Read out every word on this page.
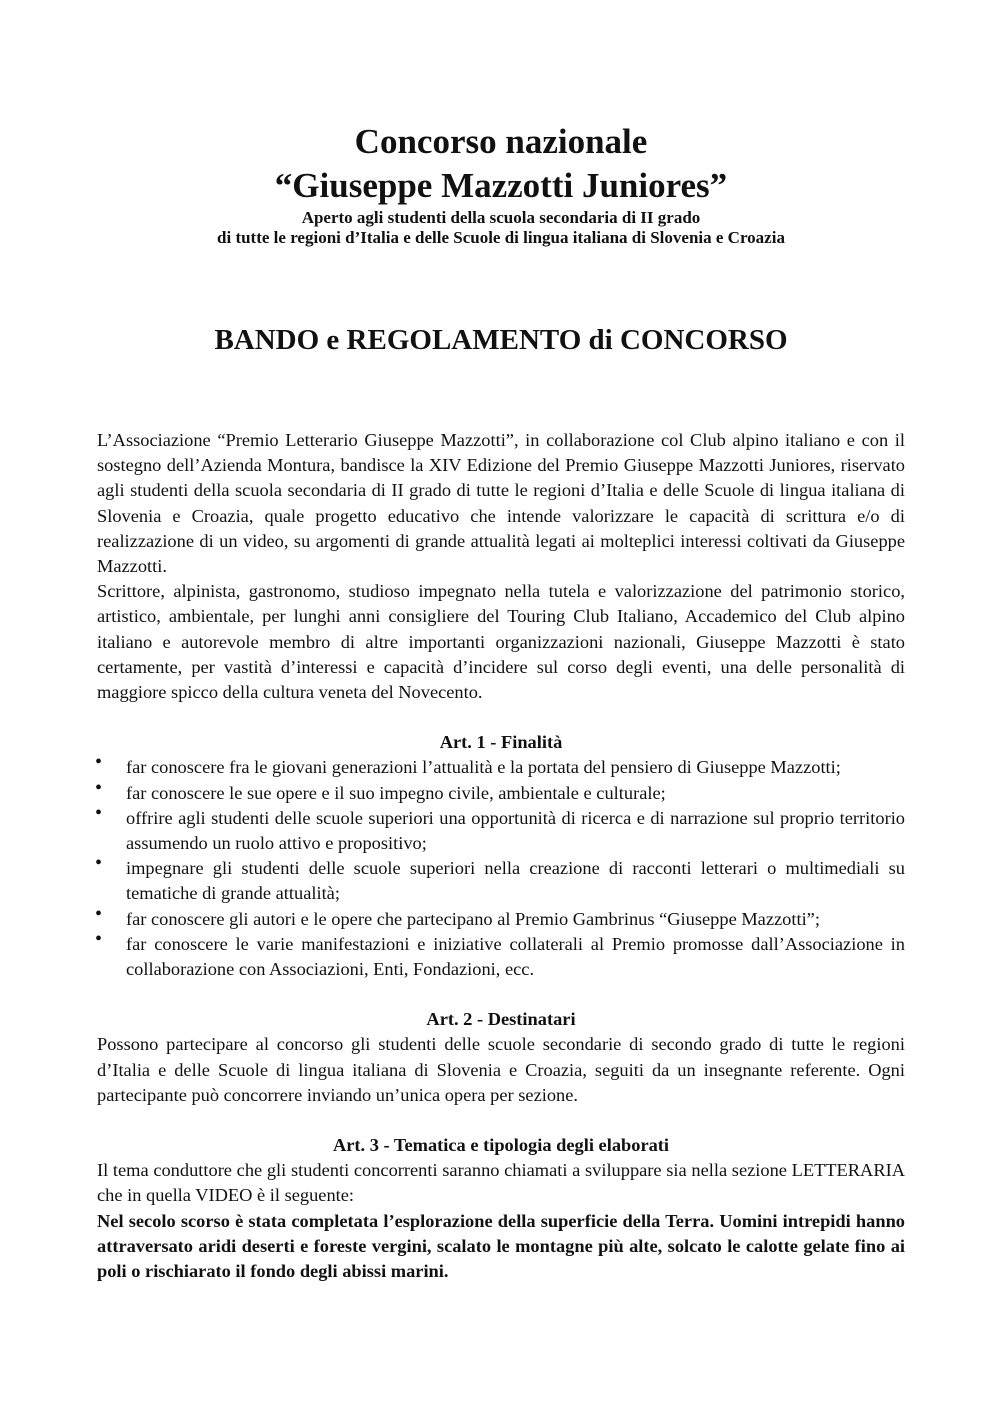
Concorso nazionale

“Giuseppe Mazzotti Juniores”

Aperto agli studenti della scuola secondaria di II grado

di tutte le regioni d’Italia e delle Scuole di lingua italiana di Slovenia e Croazia

BANDO e REGOLAMENTO di CONCORSO

L’Associazione “Premio Letterario Giuseppe Mazzotti”, in collaborazione col Club alpino italiano e con il sostegno dell’Azienda Montura, bandisce la XIV Edizione del Premio Giuseppe Mazzotti Juniores, riservato agli studenti della scuola secondaria di II grado di tutte le regioni d’Italia e delle Scuole di lingua italiana di Slovenia e Croazia, quale progetto educativo che intende valorizzare le capacità di scrittura e/o di realizzazione di un video, su argomenti di grande attualità legati ai molteplici interessi coltivati da Giuseppe Mazzotti.

Scrittore, alpinista, gastronomo, studioso impegnato nella tutela e valorizzazione del patrimonio storico, artistico, ambientale, per lunghi anni consigliere del Touring Club Italiano, Accademico del Club alpino italiano e autorevole membro di altre importanti organizzazioni nazionali, Giuseppe Mazzotti è stato certamente, per vastità d’interessi e capacità d’incidere sul corso degli eventi, una delle personalità di maggiore spicco della cultura veneta del Novecento.

Art. 1 - Finalità

• far conoscere fra le giovani generazioni l’attualità e la portata del pensiero di Giuseppe Mazzotti;
• far conoscere le sue opere e il suo impegno civile, ambientale e culturale;
• offrire agli studenti delle scuole superiori una opportunità di ricerca e di narrazione sul proprio territorio assumendo un ruolo attivo e propositivo;
• impegnare gli studenti delle scuole superiori nella creazione di racconti letterari o multimediali su tematiche di grande attualità;
• far conoscere gli autori e le opere che partecipano al Premio Gambrinus “Giuseppe Mazzotti”;
• far conoscere le varie manifestazioni e iniziative collaterali al Premio promosse dall’Associazione in collaborazione con Associazioni, Enti, Fondazioni, ecc.

Art. 2 - Destinatari

Possono partecipare al concorso gli studenti delle scuole secondarie di secondo grado di tutte le regioni d’Italia e delle Scuole di lingua italiana di Slovenia e Croazia, seguiti da un insegnante referente. Ogni partecipante può concorrere inviando un’unica opera per sezione.

Art. 3 - Tematica e tipologia degli elaborati

Il tema conduttore che gli studenti concorrenti saranno chiamati a sviluppare sia nella sezione LETTERARIA che in quella VIDEO è il seguente:

Nel secolo scorso è stata completata l’esplorazione della superficie della Terra. Uomini intrepidi hanno attraversato aridi deserti e foreste vergini, scalato le montagne più alte, solcato le calotte gelate fino ai poli o rischiarato il fondo degli abissi marini.
